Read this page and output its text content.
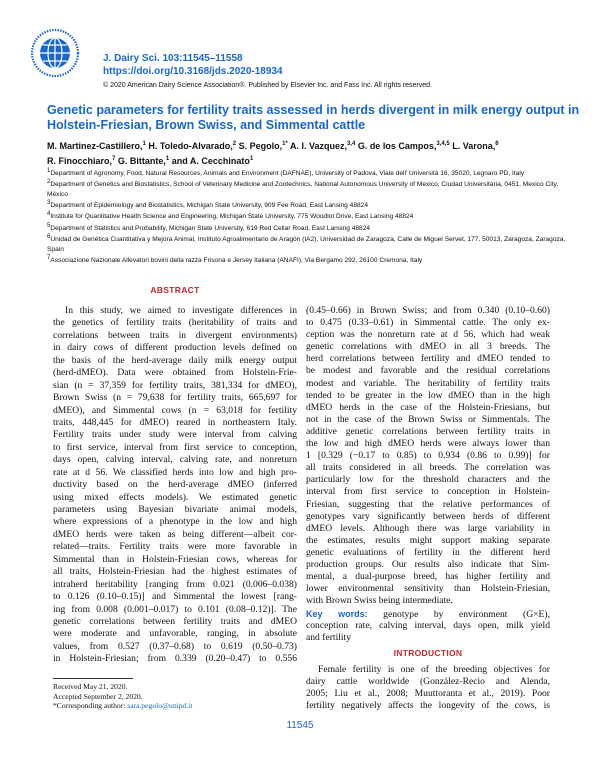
J. Dairy Sci. 103:11545–11558
https://doi.org/10.3168/jds.2020-18934
© 2020 American Dairy Science Association®. Published by Elsevier Inc. and Fass Inc. All rights reserved.
Genetic parameters for fertility traits assessed in herds divergent in milk energy output in Holstein-Friesian, Brown Swiss, and Simmental cattle
M. Martinez-Castillero,$^1$ H. Toledo-Alvarado,$^2$ S. Pegolo,$^{1*}$ A. I. Vazquez,$^{3,4}$ G. de los Campos,$^{3,4,5}$ L. Varona,$^6$
R. Finocchiaro,$^7$ G. Bittante,$^1$ and A. Cecchinato$^1$
$^1$Department of Agronomy, Food, Natural Resources, Animals and Environment (DAFNAE), University of Padova, Viale dell' Università 16, 35020, Legnaro PD, Italy
$^2$Department of Genetics and Biostatistics, School of Veterinary Medicine and Zootechnics, National Autonomous University of Mexico, Ciudad Universitaria, 0451, Mexico City, México
$^3$Department of Epidemiology and Biostatistics, Michigan State University, 909 Fee Road, East Lansing 48824
$^4$Institute for Quantitative Health Science and Engineering, Michigan State University, 775 Woodlot Drive, East Lansing 48824
$^5$Department of Statistics and Probability, Michigan State University, 619 Red Cellar Road, East Lansing 48824
$^6$Unidad de Genética Cuantitativa y Mejora Animal, Instituto Agroalimentario de Aragón (IA2), Universidad de Zaragoza, Calle de Miguel Servet, 177, 50013, Zaragoza, Zaragoza, Spain
$^7$Associazione Nazionale Allevatori bovini della razza Frisona e Jersey Italiana (ANAFI), Via Bergamo 292, 26100 Cremona, Italy
ABSTRACT
In this study, we aimed to investigate differences in
the genetics of fertility traits (heritability of traits and
correlations between traits in divergent environments)
in dairy cows of different production levels defined on
the basis of the herd-average daily milk energy output
(herd-dMEO). Data were obtained from Holstein-Frie-
sian (n = 37,359 for fertility traits, 381,334 for dMEO),
Brown Swiss (n = 79,638 for fertility traits, 665,697 for
dMEO), and Simmental cows (n = 63,018 for fertility
traits, 448,445 for dMEO) reared in northeastern Italy.
Fertility traits under study were interval from calving
to first service, interval from first service to conception,
days open, calving interval, calving rate, and nonreturn
rate at d 56. We classified herds into low and high pro-
ductivity based on the herd-average dMEO (inferred
using mixed effects models). We estimated genetic
parameters using Bayesian bivariate animal models,
where expressions of a phenotype in the low and high
dMEO herds were taken as being different—albeit cor-
related—traits. Fertility traits were more favorable in
Simmental than in Holstein-Friesian cows, whereas for
all traits, Holstein-Friesian had the highest estimates of
intraherd heritability [ranging from 0.021 (0.006–0.038)
to 0.126 (0.10–0.15)] and Simmental the lowest [rang-
ing from 0.008 (0.001–0.017) to 0.101 (0.08–0.12)]. The
genetic correlations between fertility traits and dMEO
were moderate and unfavorable, ranging, in absolute
values, from 0.527 (0.37–0.68) to 0.619 (0.50–0.73)
in Holstein-Friesian; from 0.339 (0.20–0.47) to 0.556
(0.45–0.66) in Brown Swiss; and from 0.340 (0.10–0.60)
to 0.475 (0.33–0.61) in Simmental cattle. The only ex-
ception was the nonreturn rate at d 56, which had weak
genetic correlations with dMEO in all 3 breeds. The
herd correlations between fertility and dMEO tended to
be modest and favorable and the residual correlations
modest and variable. The heritability of fertility traits
tended to be greater in the low dMEO than in the high
dMEO herds in the case of the Holstein-Friesians, but
not in the case of the Brown Swiss or Simmentals. The
additive genetic correlations between fertility traits in
the low and high dMEO herds were always lower than
1 [0.329 (−0.17 to 0.85) to 0.934 (0.86 to 0.99)] for
all traits considered in all breeds. The correlation was
particularly low for the threshold characters and the
interval from first service to conception in Holstein-
Friesian, suggesting that the relative performances of
genotypes vary significantly between herds of different
dMEO levels. Although there was large variability in
the estimates, results might support making separate
genetic evaluations of fertility in the different herd
production groups. Our results also indicate that Sim-
mental, a dual-purpose breed, has higher fertility and
lower environmental sensitivity than Holstein-Friesian,
with Brown Swiss being intermediate.
Key words: genotype by environment (G×E),
conception rate, calving interval, days open, milk yield
and fertility
INTRODUCTION
Female fertility is one of the breeding objectives for
dairy cattle worldwide (González-Recio and Alenda,
2005; Liu et al., 2008; Muuttoranta et al., 2019). Poor
fertility negatively affects the longevity of the cows, is
Received May 21, 2020.
Accepted September 2, 2020.
*Corresponding author: sara.pegolo@unipd.it
11545
